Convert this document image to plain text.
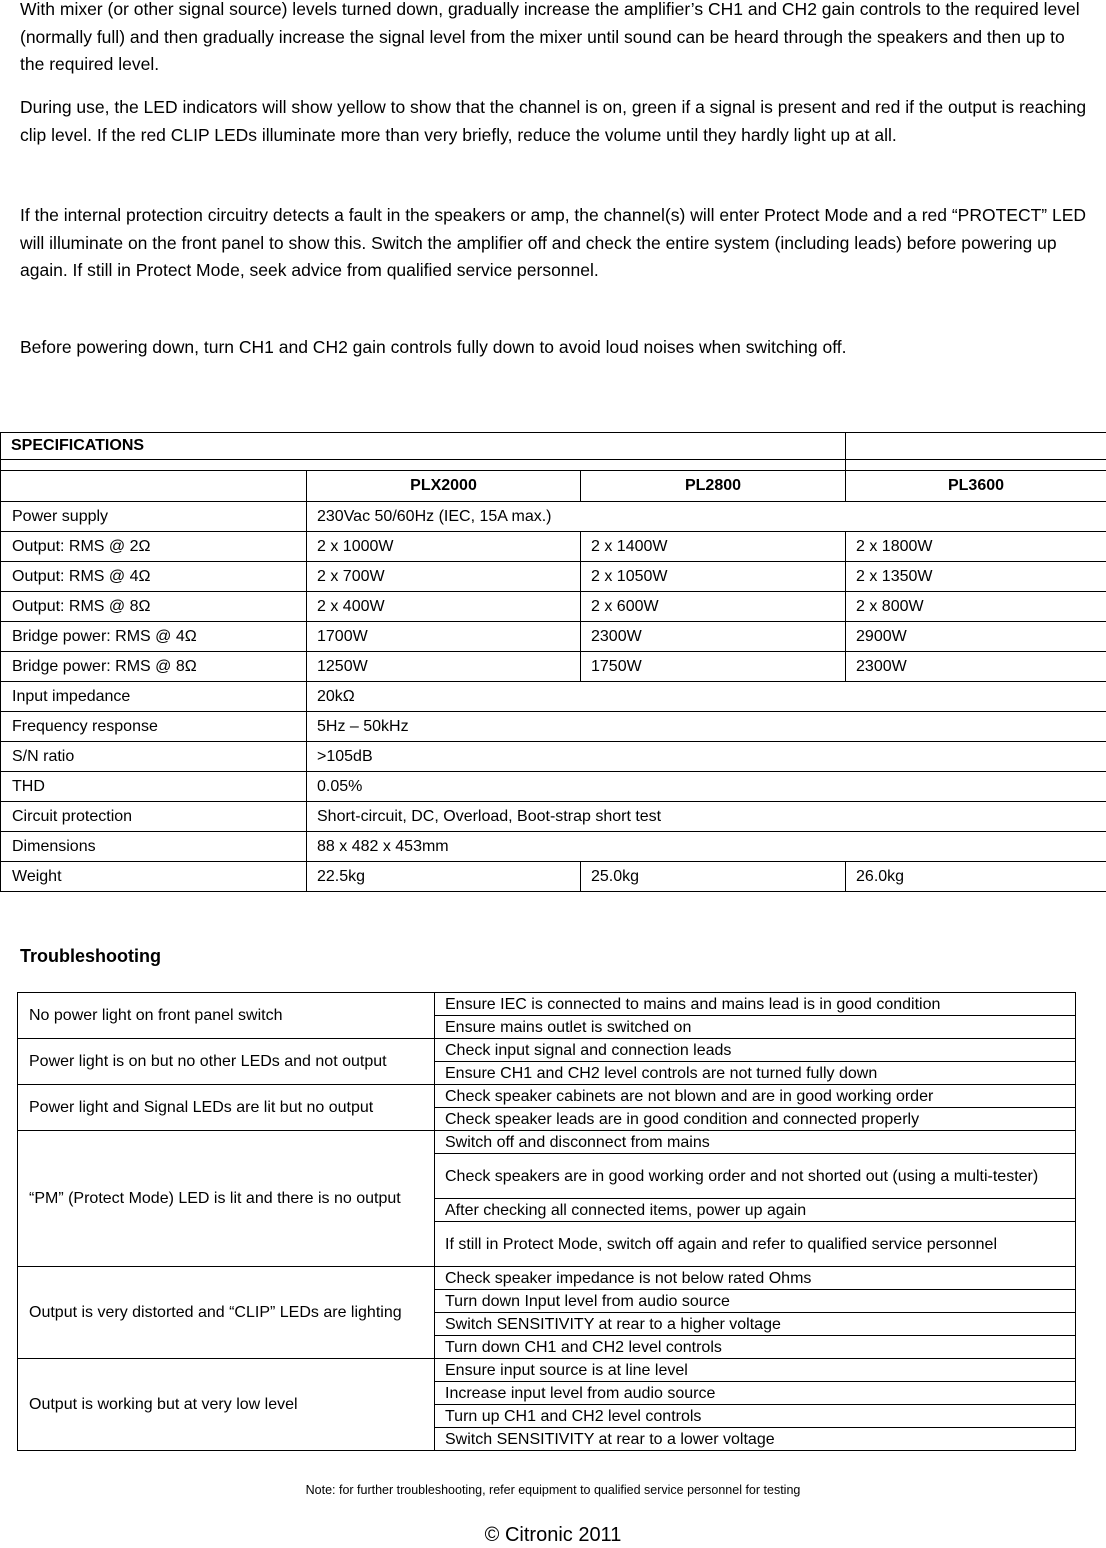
With mixer (or other signal source) levels turned down, gradually increase the amplifier’s CH1 and CH2 gain controls to the required level (normally full) and then gradually increase the signal level from the mixer until sound can be heard through the speakers and then up to the required level.

During use, the LED indicators will show yellow to show that the channel is on, green if a signal is present and red if the output is reaching clip level. If the red CLIP LEDs illuminate more than very briefly, reduce the volume until they hardly light up at all.

If the internal protection circuitry detects a fault in the speakers or amp, the channel(s) will enter Protect Mode and a red “PROTECT” LED will illuminate on the front panel to show this. Switch the amplifier off and check the entire system (including leads) before powering up again. If still in Protect Mode, seek advice from qualified service personnel.

Before powering down, turn CH1 and CH2 gain controls fully down to avoid loud noises when switching off.

SPECIFICATIONS			

	PLX2000	PL2800	PL3600
Power supply	230Vac 50/60Hz (IEC, 15A max.)		
Output: RMS @ 2Ω	2 x 1000W	2 x 1400W	2 x 1800W
Output: RMS @ 4Ω	2 x 700W	2 x 1050W	2 x 1350W
Output: RMS @ 8Ω	2 x 400W	2 x 600W	2 x 800W
Bridge power: RMS @ 4Ω	1700W	2300W	2900W
Bridge power: RMS @ 8Ω	1250W	1750W	2300W
Input impedance	20kΩ		
Frequency response	5Hz – 50kHz		
S/N ratio	>105dB		
THD	0.05%		
Circuit protection	Short-circuit, DC, Overload, Boot-strap short test		
Dimensions	88 x 482 x 453mm		
Weight	22.5kg	25.0kg	26.0kg
Troubleshooting
No power light on front panel switch	Ensure IEC is connected to mains and mains lead is in good condition
	Ensure mains outlet is switched on
Power light is on but no other LEDs and not output	Check input signal and connection leads
	Ensure CH1 and CH2 level controls are not turned fully down
Power light and Signal LEDs are lit but no output	Check speaker cabinets are not blown and are in good working order
	Check speaker leads are in good condition and connected properly
“PM” (Protect Mode) LED is lit and there is no output	Switch off and disconnect from mains
	Check speakers are in good working order and not shorted out (using a multi-tester)
	After checking all connected items, power up again
	If still in Protect Mode, switch off again and refer to qualified service personnel
Output is very distorted and “CLIP” LEDs are lighting	Check speaker impedance is not below rated Ohms
	Turn down Input level from audio source
	Switch SENSITIVITY at rear to a higher voltage
	Turn down CH1 and CH2 level controls
Output is working but at very low level	Ensure input source is at line level
	Increase input level from audio source
	Turn up CH1 and CH2 level controls
	Switch SENSITIVITY at rear to a lower voltage

Note: for further troubleshooting, refer equipment to qualified service personnel for testing

© Citronic 2011
